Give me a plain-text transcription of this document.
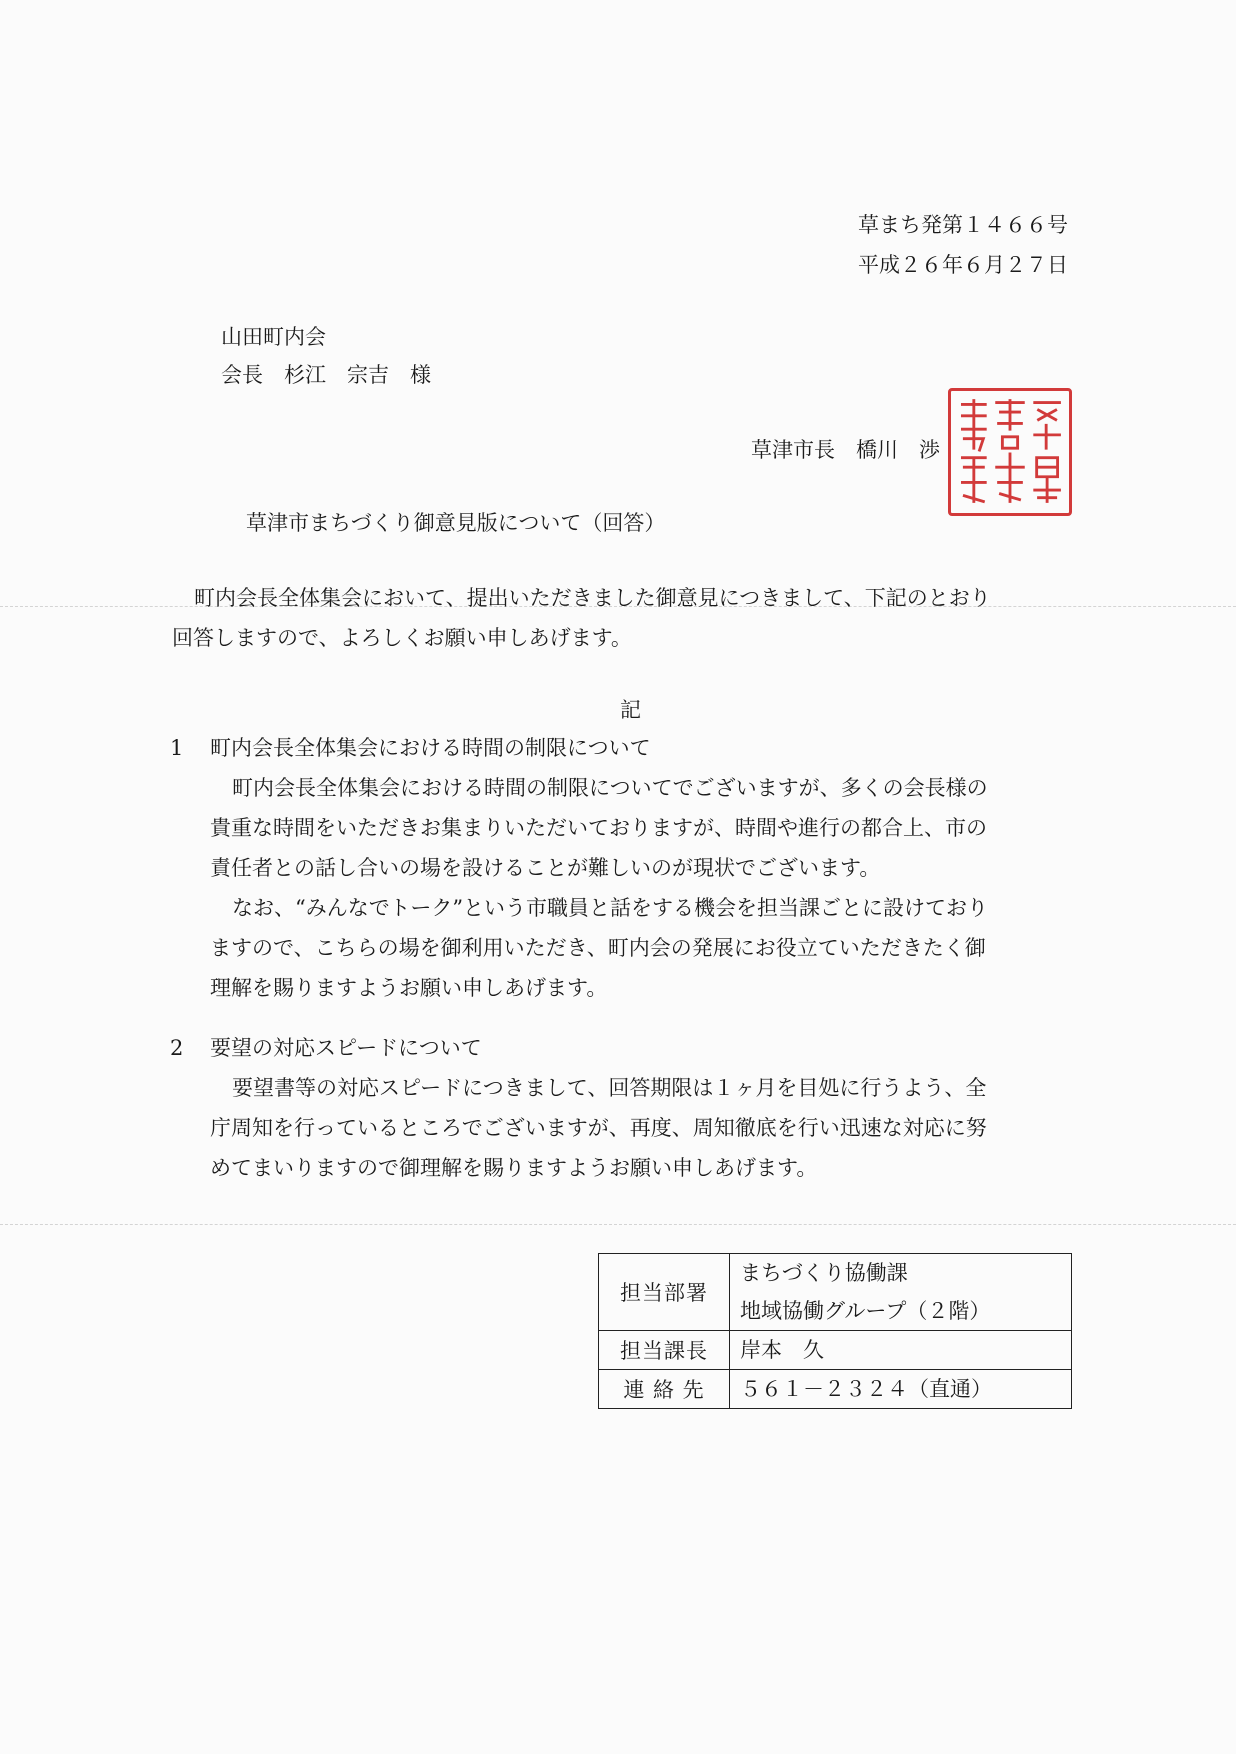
草まち発第１４６６号
平成２６年６月２７日
山田町内会
会長　杉江　宗吉　様
草津市長　橋川　渉
草津市まちづくり御意見版について（回答）

町内会長全体集会において、提出いただきました御意見につきまして、下記のとおり

回答しますので、よろしくお願い申しあげます。

記
1 町内会長全体集会における時間の制限について

町内会長全体集会における時間の制限についてでございますが、多くの会長様の

貴重な時間をいただきお集まりいただいておりますが、時間や進行の都合上、市の

責任者との話し合いの場を設けることが難しいのが現状でございます。

なお、“みんなでトーク”という市職員と話をする機会を担当課ごとに設けており

ますので、こちらの場を御利用いただき、町内会の発展にお役立ていただきたく御

理解を賜りますようお願い申しあげます。

2 要望の対応スピードについて

要望書等の対応スピードにつきまして、回答期限は１ヶ月を目処に行うよう、全

庁周知を行っているところでございますが、再度、周知徹底を行い迅速な対応に努

めてまいりますので御理解を賜りますようお願い申しあげます。

担当部署	まちづくり協働課
地域協働グループ（２階）

担当課長	岸本　久
連 絡 先	５６１－２３２４（直通）
